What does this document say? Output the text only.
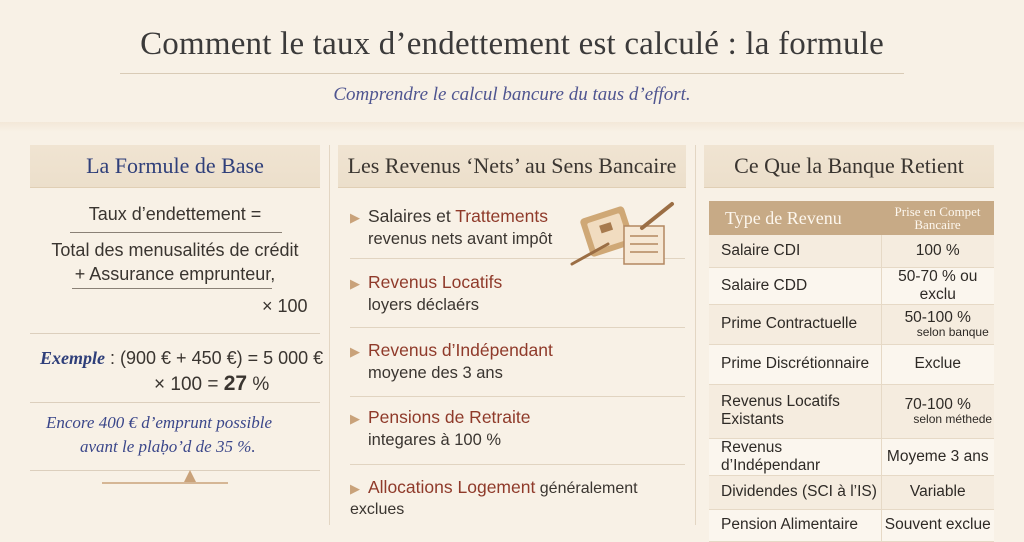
Comment le taux d’endettement est calculé : la formule
Comprendre le calcul bancure du taus d’effort.
La Formule de Base
Taux d’endettement =
Total des menusalités de crédit
+ Assurance emprunteur,
× 100
Exemple : (900 € + 450 €) = 5 000 €
× 100 = 27 %
Encore 400 € d’emprunt possible
avant le plaḅo’d de 35 %.
Les Revenus ‘Nets’ au Sens Bancaire
▶ Salaires et Trattements
revenus nets avant impôt
▶ Revenus Locatifs
loyers déclaérs
▶ Revenus d’Indépendant
moyene des 3 ans
▶ Pensions de Retraite
integares à 100 %
▶ Allocations Logement généralement exclues
Ce Que la Banque Retient
Type de Revenu	Prise en Compet
Bancaire
Salaire CDI	100 %
Salaire CDD	50-70 % ou exclu
Prime Contractuelle	50-100 %
selon banque

Prime Discrétionnaire	Exclue
Revenus Locatifs Existants	70-100 %
selon méthede

Revenus d’Indépendanr	Moyeme 3 ans
Dividendes (SCI à l’IS)	Variable
Pension Alimentaire	Souvent exclue
